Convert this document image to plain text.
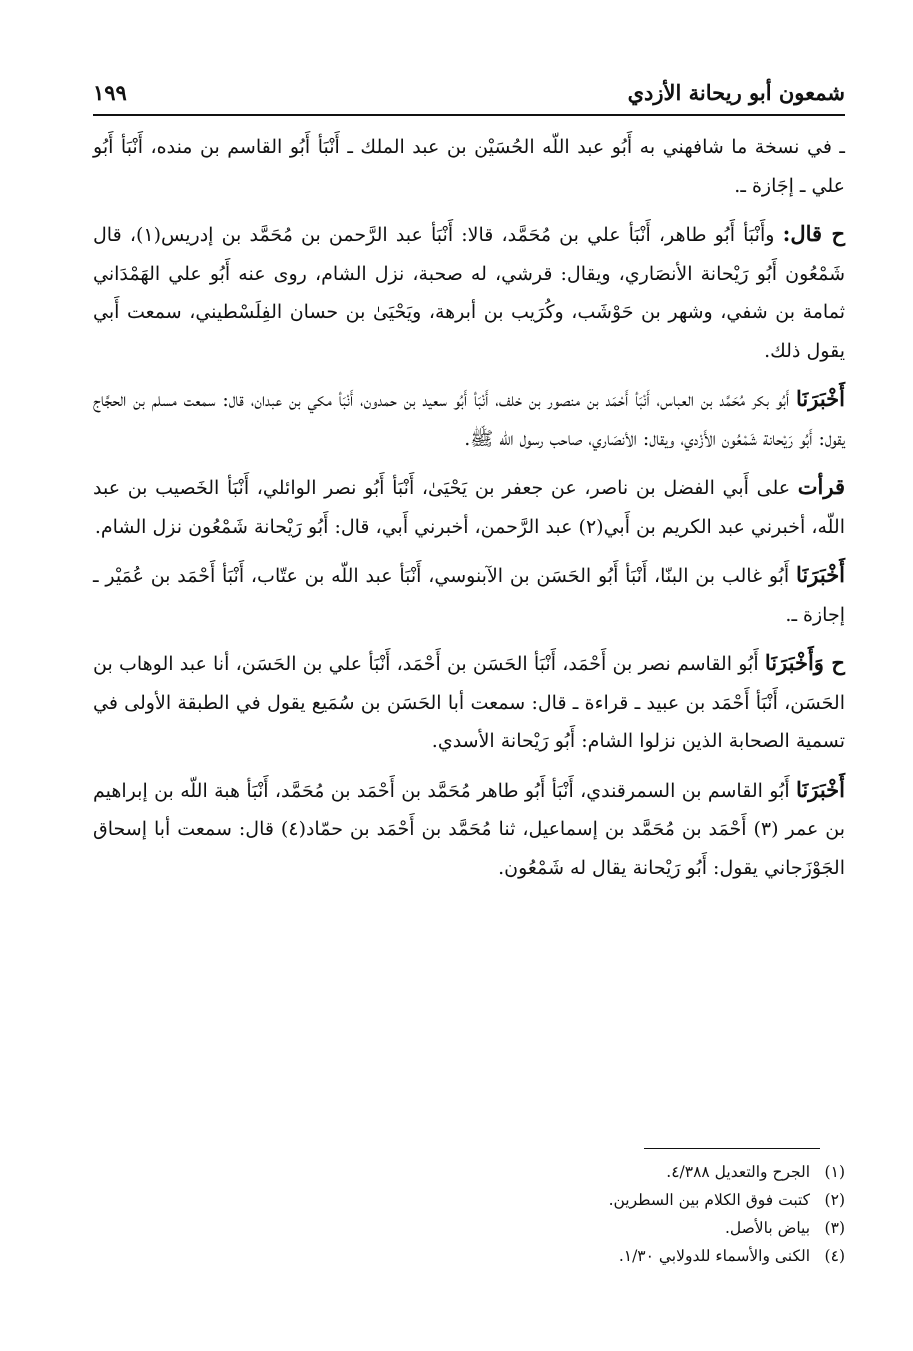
شمعون أبو ريحانة الأزدي
١٩٩

ـ في نسخة ما شافهني به أَبُو عبد اللّه الحُسَيْن بن عبد الملك ـ أَنْبَأ أَبُو القاسم بن منده، أَنْبَأ أَبُو علي ـ إجَازة ـ.

ح قال: وأَنْبَأ أَبُو طاهر، أَنْبَأ علي بن مُحَمَّد، قالا: أَنْبَأ عبد الرَّحمن بن مُحَمَّد بن إدريس(١)، قال شَمْعُون أَبُو رَيْحانة الأنصَاري، ويقال: قرشي، له صحبة، نزل الشام، روى عنه أَبُو علي الهَمْدَاني ثمامة بن شفي، وشهر بن حَوْشَب، وكُرَيب بن أبرهة، ويَحْيَىٰ بن حسان الفِلَسْطيني، سمعت أَبي يقول ذلك.

أَخْبَرَنَا أَبُو بكر مُحَمَّد بن العباس، أَنْبَأ أَحْمَد بن منصور بن خلف، أَنْبَأ أَبُو سعيد بن حمدون، أَنْبَأ مكي بن عبدان، قال: سمعت مسلم بن الحجَّاج يقول: أَبُو رَيْحانة شَمْعُون الأَزْدي، ويقال: الأنصَاري، صاحب رسول الله ﷺ.

قرأت على أَبي الفضل بن ناصر، عن جعفر بن يَحْيَىٰ، أَنْبَأ أَبُو نصر الوائلي، أَنْبَأ الخَصيب بن عبد اللّه، أخبرني عبد الكريم بن أَبي(٢) عبد الرَّحمن، أخبرني أَبي، قال: أَبُو رَيْحانة شَمْعُون نزل الشام.

أَخْبَرَنَا أَبُو غالب بن البنّا، أَنْبَأ أَبُو الحَسَن بن الآبنوسي، أَنْبَأ عبد اللّه بن عتّاب، أَنْبَأ أَحْمَد بن عُمَيْر ـ إجازة ـ.

ح وَأَخْبَرَنَا أَبُو القاسم نصر بن أَحْمَد، أَنْبَأ الحَسَن بن أَحْمَد، أَنْبَأ علي بن الحَسَن، أنا عبد الوهاب بن الحَسَن، أَنْبَأ أَحْمَد بن عبيد ـ قراءة ـ قال: سمعت أبا الحَسَن بن سُمَيع يقول في الطبقة الأولى في تسمية الصحابة الذين نزلوا الشام: أَبُو رَيْحانة الأسدي.

أَخْبَرَنَا أَبُو القاسم بن السمرقندي، أَنْبَأ أَبُو طاهر مُحَمَّد بن أَحْمَد بن مُحَمَّد، أَنْبَأ هبة اللّه بن إبراهيم بن عمر (٣) أَحْمَد بن مُحَمَّد بن إسماعيل، ثنا مُحَمَّد بن أَحْمَد بن حمّاد(٤) قال: سمعت أبا إسحاق الجَوْزَجاني يقول: أَبُو رَيْحانة يقال له شَمْعُون.

(١) الجرح والتعديل ٤/٣٨٨.
(٢) كتبت فوق الكلام بين السطرين.
(٣) بياض بالأصل.
(٤) الكنى والأسماء للدولابي ١/٣٠.
